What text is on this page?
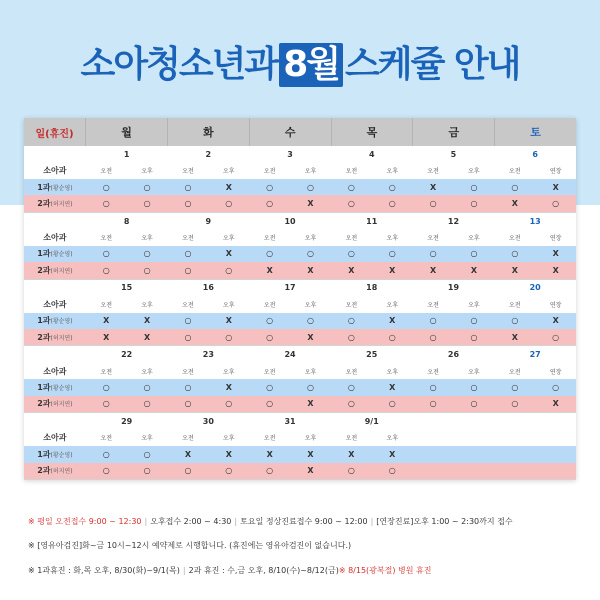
소아청소년과 8월 스케쥴 안내
일(휴진)	월	화	수	목	금	토
1	2	3	4	5	6
소아과	오전	오후	오전	오후	오전	오후	오전	오후	오전	오후	오전	연장
1과 (황순영)	○	○	○	X	○	○	○	○	X	○	○	X
2과 (허지연)	○	○	○	○	○	X	○	○	○	○	X	○
8	9	10	11	12	13
소아과	오전	오후	오전	오후	오전	오후	오전	오후	오전	오후	오전	연장
1과 (황순영)	○	○	○	X	○	○	○	○	○	○	○	X
2과 (허지연)	○	○	○	○	X	X	X	X	X	X	X	X
15	16	17	18	19	20
소아과	오전	오후	오전	오후	오전	오후	오전	오후	오전	오후	오전	연장
1과 (황순영)	X	X	○	X	○	○	○	X	○	○	○	X
2과 (허지연)	X	X	○	○	○	X	○	○	○	○	X	○
22	23	24	25	26	27
소아과	오전	오후	오전	오후	오전	오후	오전	오후	오전	오후	오전	연장
1과 (황순영)	○	○	○	X	○	○	○	X	○	○	○	○
2과 (허지연)	○	○	○	○	○	X	○	○	○	○	○	X
29	30	31	9/1
소아과	오전	오후	오전	오후	오전	오후	오전	오후
1과 (황순영)	○	○	X	X	X	X	X	X
2과 (허지연)	○	○	○	○	○	X	○	○
※ 평일 오전접수 9:00 ~ 12:30 | 오후접수 2:00 ~ 4:30 | 토요일 정상진료접수 9:00 ~ 12:00 | [연장진료]오후 1:00 ~ 2:30까지 접수
※ [영유아검진]화~금 10시~12시 예약제로 시행합니다. (휴진에는 영유아검진이 없습니다.)
※ 1과휴진 : 화,목 오후, 8/30(화)~9/1(목) | 2과 휴진 : 수,금 오후, 8/10(수)~8/12(금)※ 8/15(광복절) 병원 휴진
